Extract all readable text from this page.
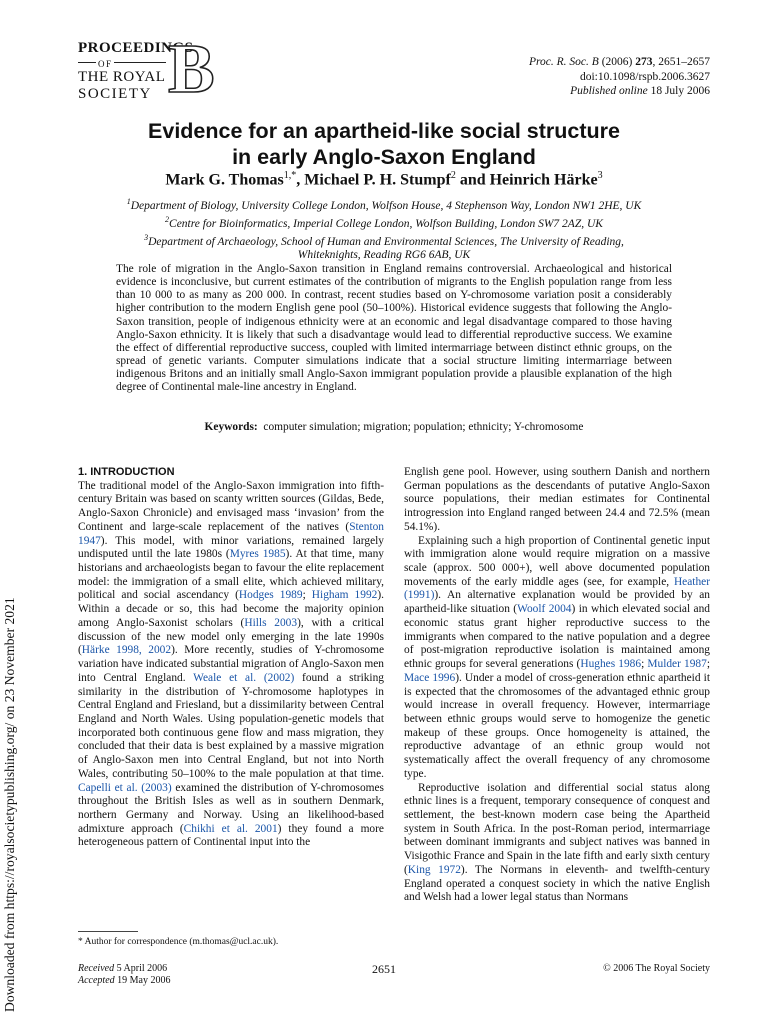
Downloaded from https://royalsocietypublishing.org/ on 23 November 2021
PROCEEDINGS
OF
THE ROYAL
SOCIETY B	Proc. R. Soc. B (2006) 273, 2651–2657
doi:10.1098/rspb.2006.3627
Published online 18 July 2006
Evidence for an apartheid-like social structure
in early Anglo-Saxon England
Mark G. Thomas$^{1,*}$, Michael P. H. Stumpf$^2$ and Heinrich Härke$^3$
$^1$Department of Biology, University College London, Wolfson House, 4 Stephenson Way, London NW1 2HE, UK
$^2$Centre for Bioinformatics, Imperial College London, Wolfson Building, London SW7 2AZ, UK
$^3$Department of Archaeology, School of Human and Environmental Sciences, The University of Reading,
Whiteknights, Reading RG6 6AB, UK
The role of migration in the Anglo-Saxon transition in England remains controversial. Archaeological and historical evidence is inconclusive, but current estimates of the contribution of migrants to the English population range from less than 10 000 to as many as 200 000. In contrast, recent studies based on Y-chromosome variation posit a considerably higher contribution to the modern English gene pool (50–100%). Historical evidence suggests that following the Anglo-Saxon transition, people of indigenous ethnicity were at an economic and legal disadvantage compared to those having Anglo-Saxon ethnicity. It is likely that such a disadvantage would lead to differential reproductive success. We examine the effect of differential reproductive success, coupled with limited intermarriage between distinct ethnic groups, on the spread of genetic variants. Computer simulations indicate that a social structure limiting intermarriage between indigenous Britons and an initially small Anglo-Saxon immigrant population provide a plausible explanation of the high degree of Continental male-line ancestry in England.
Keywords: computer simulation; migration; population; ethnicity; Y-chromosome
1. INTRODUCTION

The traditional model of the Anglo-Saxon immigration into fifth-century Britain was based on scanty written sources (Gildas, Bede, Anglo-Saxon Chronicle) and envisaged mass ‘invasion’ from the Continent and large-scale replacement of the natives (Stenton 1947). This model, with minor variations, remained largely undisputed until the late 1980s (Myres 1985). At that time, many historians and archaeologists began to favour the elite replacement model: the immigration of a small elite, which achieved military, political and social ascendancy (Hodges 1989; Higham 1992). Within a decade or so, this had become the majority opinion among Anglo-Saxonist scholars (Hills 2003), with a critical discussion of the new model only emerging in the late 1990s (Härke 1998, 2002). More recently, studies of Y-chromosome variation have indicated substantial migration of Anglo-Saxon men into Central England. Weale et al. (2002) found a striking similarity in the distribution of Y-chromosome haplotypes in Central England and Friesland, but a dissimilarity between Central England and North Wales. Using population-genetic models that incorporated both continuous gene flow and mass migration, they concluded that their data is best explained by a massive migration of Anglo-Saxon men into Central England, but not into North Wales, contributing 50–100% to the male population at that time. Capelli et al. (2003) examined the distribution of Y-chromosomes throughout the British Isles as well as in southern Denmark, northern Germany and Norway. Using an likelihood-based admixture approach (Chikhi et al. 2001) they found a more heterogeneous pattern of Continental input into the

English gene pool. However, using southern Danish and northern German populations as the descendants of putative Anglo-Saxon source populations, their median estimates for Continental introgression into England ranged between 24.4 and 72.5% (mean 54.1%).

Explaining such a high proportion of Continental genetic input with immigration alone would require migration on a massive scale (approx. 500 000+), well above documented population movements of the early middle ages (see, for example, Heather (1991)). An alternative explanation would be provided by an apartheid-like situation (Woolf 2004) in which elevated social and economic status grant higher reproductive success to the immigrants when compared to the native population and a degree of post-migration reproductive isolation is maintained among ethnic groups for several generations (Hughes 1986; Mulder 1987; Mace 1996). Under a model of cross-generation ethnic apartheid it is expected that the chromosomes of the advantaged ethnic group would increase in overall frequency. However, intermarriage between ethnic groups would serve to homogenize the genetic makeup of these groups. Once homogeneity is attained, the reproductive advantage of an ethnic group would not systematically affect the overall frequency of any chromosome type.

Reproductive isolation and differential social status along ethnic lines is a frequent, temporary consequence of conquest and settlement, the best-known modern case being the Apartheid system in South Africa. In the post-Roman period, intermarriage between dominant immigrants and subject natives was banned in Visigothic France and Spain in the late fifth and early sixth century (King 1972). The Normans in eleventh- and twelfth-century England operated a conquest society in which the native English and Welsh had a lower legal status than Normans

* Author for correspondence (m.thomas@ucl.ac.uk).
Received 5 April 2006
Accepted 19 May 2006
2651	© 2006 The Royal Society
